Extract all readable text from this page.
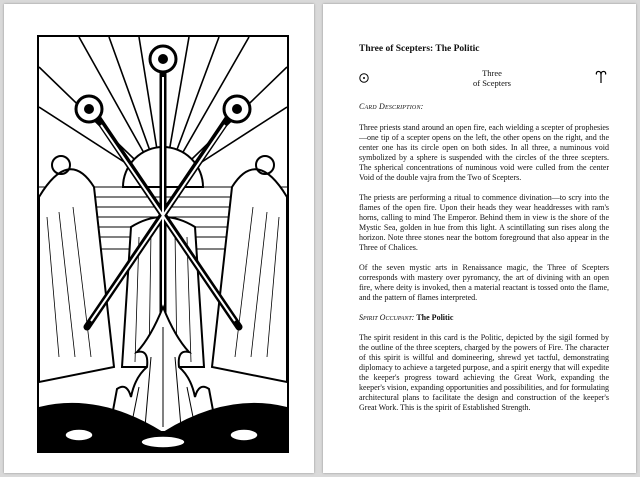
Three of Scepters: The Politic
Three
of Scepters
Card Description:

Three priests stand around an open fire, each wielding a scepter of prophesies—one tip of a scepter opens on the left, the other opens on the right, and the center one has its circle open on both sides. In all three, a numinous void symbolized by a sphere is suspended with the circles of the three scepters. The spherical concentrations of numinous void were culled from the center Void of the double vajra from the Two of Scepters.

The priests are performing a ritual to commence divination—to scry into the flames of the open fire. Upon their heads they wear headdresses with ram's horns, calling to mind The Emperor. Behind them in view is the shore of the Mystic Sea, golden in hue from this light. A scintillating sun rises along the horizon. Note three stones near the bottom foreground that also appear in the Three of Chalices.

Of the seven mystic arts in Renaissance magic, the Three of Scepters corresponds with mastery over pyromancy, the art of divining with an open fire, where deity is invoked, then a material reactant is tossed onto the flame, and the pattern of flames interpreted.

Spirit Occupant: The Politic

The spirit resident in this card is the Politic, depicted by the sigil formed by the outline of the three scepters, charged by the powers of Fire. The character of this spirit is willful and domineering, shrewd yet tactful, demonstrating diplomacy to achieve a targeted purpose, and a spirit energy that will expedite the keeper's progress toward achieving the Great Work, expanding the keeper's vision, expanding opportunities and possibilities, and for formulating architectural plans to facilitate the design and construction of the keeper's Great Work. This is the spirit of Established Strength.
